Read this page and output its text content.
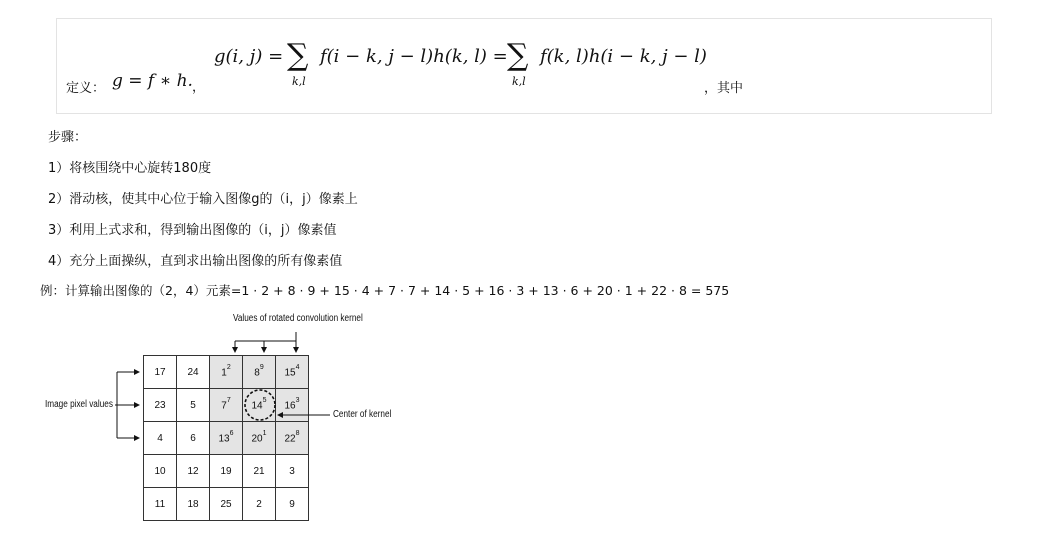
定义： g = f ∗ h. ，
g(i, j) = ∑
k,l
f(i − k, j − l)h(k, l) = ∑
k,l
f(k, l)h(i − k, j − l)
，其中
步骤：
1）将核围绕中心旋转180度
2）滑动核，使其中心位于输入图像g的（i，j）像素上
3）利用上式求和，得到输出图像的（i，j）像素值
4）充分上面操纵，直到求出输出图像的所有像素值
例：计算输出图像的（2，4）元素=1 · 2 + 8 · 9 + 15 · 4 + 7 · 7 + 14 · 5 + 16 · 3 + 13 · 6 + 20 · 1 + 22 · 8 = 575
Values of rotated convolution kernel
Image pixel values
Center of kernel
17	24	$1^2$	$8^9$	$15^4$
23	5	$7^7$	$14^5$	$16^3$
4	6	$13^6$	$20^1$	$22^8$
10	12	19	21	3
11	18	25	2	9
